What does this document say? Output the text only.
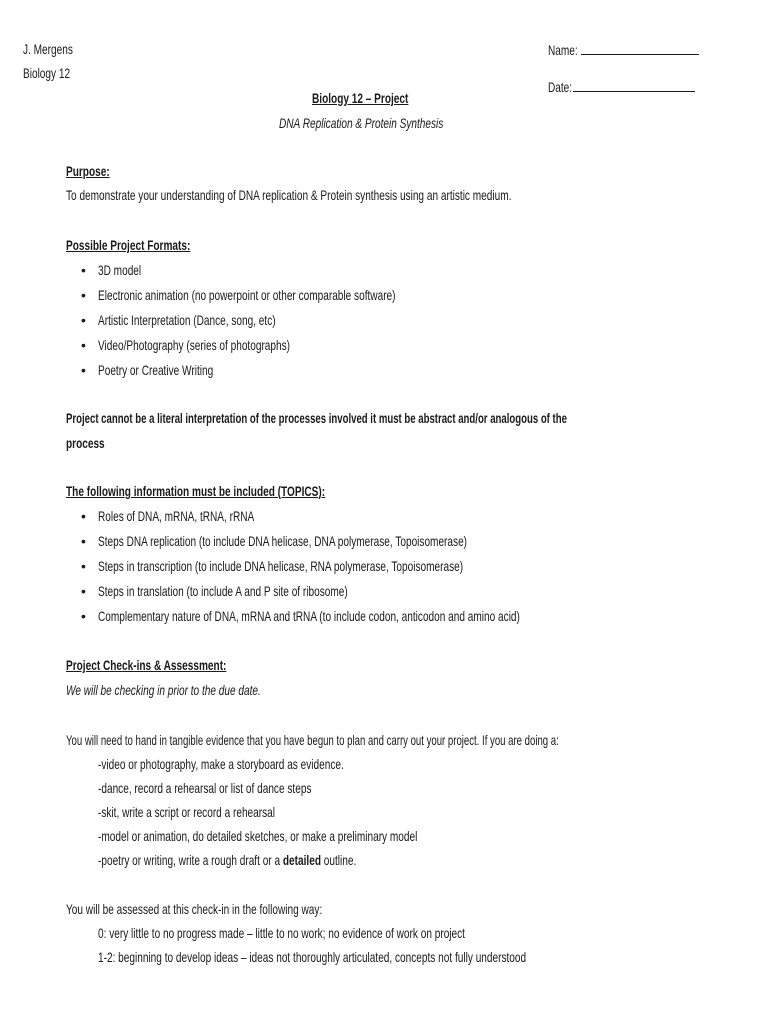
J. Mergens
Biology 12
Name:
Date:
Biology 12 – Project
DNA Replication & Protein Synthesis
Purpose:
To demonstrate your understanding of DNA replication & Protein synthesis using an artistic medium.
Possible Project Formats:
• 3D model
• Electronic animation (no powerpoint or other comparable software)
• Artistic Interpretation (Dance, song, etc)
• Video/Photography (series of photographs)
• Poetry or Creative Writing
Project cannot be a literal interpretation of the processes involved it must be abstract and/or analogous of the
process
The following information must be included (TOPICS):
• Roles of DNA, mRNA, tRNA, rRNA
• Steps DNA replication (to include DNA helicase, DNA polymerase, Topoisomerase)
• Steps in transcription (to include DNA helicase, RNA polymerase, Topoisomerase)
• Steps in translation (to include A and P site of ribosome)
• Complementary nature of DNA, mRNA and tRNA (to include codon, anticodon and amino acid)
Project Check-ins & Assessment:
We will be checking in prior to the due date.
You will need to hand in tangible evidence that you have begun to plan and carry out your project. If you are doing a:
-video or photography, make a storyboard as evidence.
-dance, record a rehearsal or list of dance steps
-skit, write a script or record a rehearsal
-model or animation, do detailed sketches, or make a preliminary model
-poetry or writing, write a rough draft or a detailed outline.
You will be assessed at this check-in in the following way:
0: very little to no progress made – little to no work; no evidence of work on project
1-2: beginning to develop ideas – ideas not thoroughly articulated, concepts not fully understood
